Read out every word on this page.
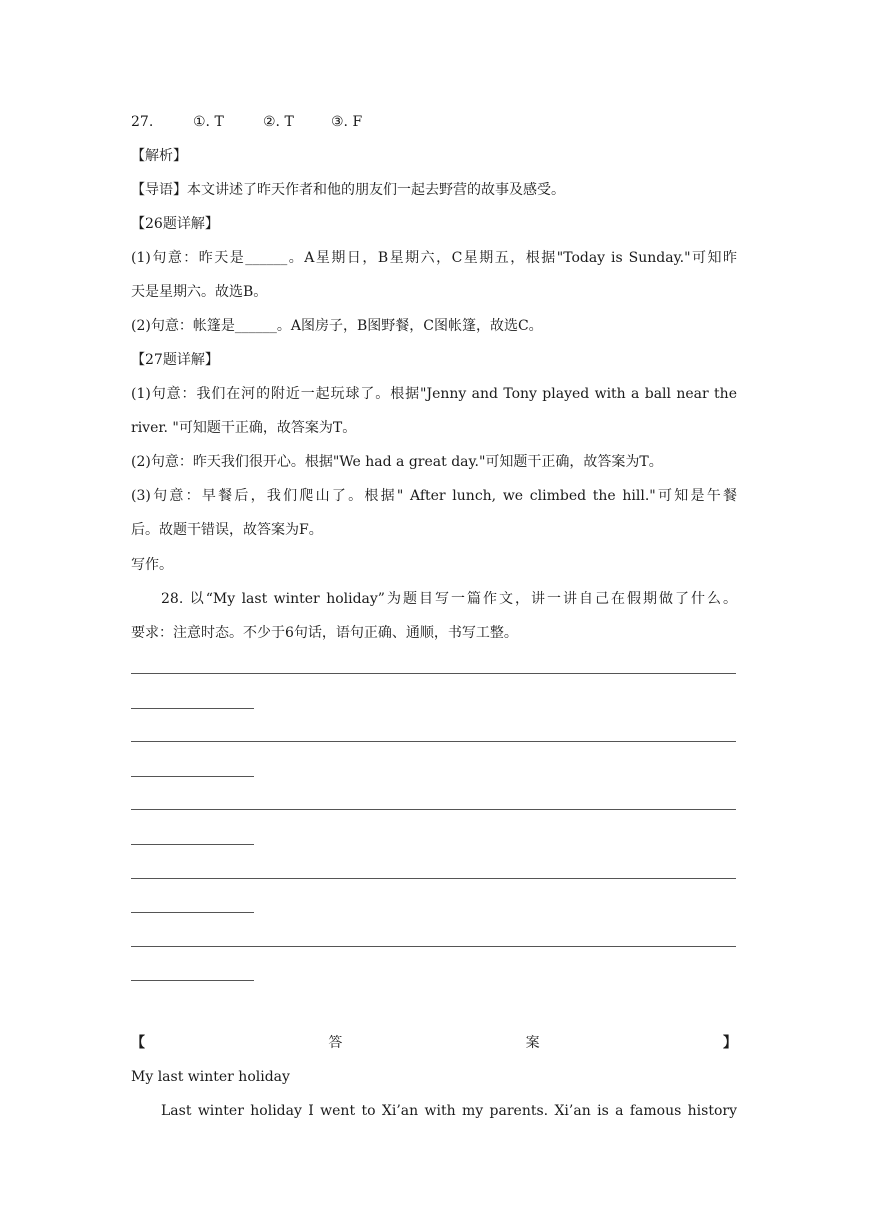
27.	①. T	②. T	③. F
【解析】
【导语】本文讲述了昨天作者和他的朋友们一起去野营的故事及感受。
【26题详解】
(1)句意：昨天是______。A星期日，B星期六，C星期五，根据"Today is Sunday."可知昨
天是星期六。故选B。
(2)句意：帐篷是______。A图房子，B图野餐，C图帐篷，故选C。
【27题详解】
(1)句意：我们在河的附近一起玩球了。根据"Jenny and Tony played with a ball near the
river. "可知题干正确，故答案为T。
(2)句意：昨天我们很开心。根据"We had a great day."可知题干正确，故答案为T。
(3)句意：早餐后，我们爬山了。根据" After lunch, we climbed the hill."可知是午餐
后。故题干错误，故答案为F。
写作。
28. 以“My last winter holiday”为题目写一篇作文，讲一讲自己在假期做了什么。
要求：注意时态。不少于6句话，语句正确、通顺，书写工整。
【	答	案	】
My last winter holiday
Last winter holiday I went to Xi’an with my parents. Xi’an is a famous history
